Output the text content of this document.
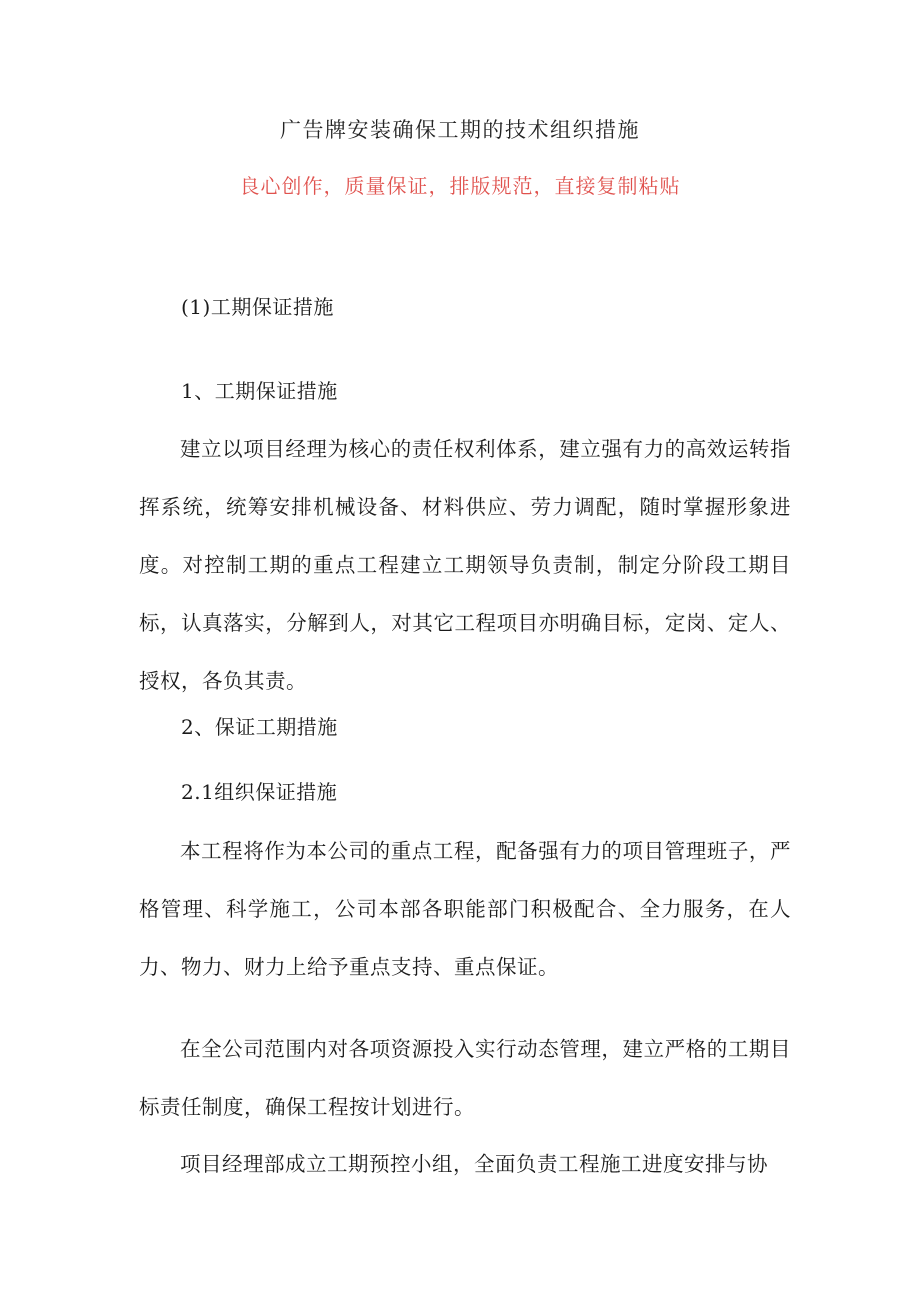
广告牌安装确保工期的技术组织措施

良心创作，质量保证，排版规范，直接复制粘贴

(1)工期保证措施

1、工期保证措施

建立以项目经理为核心的责任权利体系，建立强有力的高效运转指挥系统，统筹安排机械设备、材料供应、劳力调配，随时掌握形象进度。对控制工期的重点工程建立工期领导负责制，制定分阶段工期目标，认真落实，分解到人，对其它工程项目亦明确目标，定岗、定人、授权，各负其责。

2、保证工期措施

2.1组织保证措施

本工程将作为本公司的重点工程，配备强有力的项目管理班子，严格管理、科学施工，公司本部各职能部门积极配合、全力服务，在人力、物力、财力上给予重点支持、重点保证。

在全公司范围内对各项资源投入实行动态管理，建立严格的工期目标责任制度，确保工程按计划进行。

项目经理部成立工期预控小组，全面负责工程施工进度安排与协
